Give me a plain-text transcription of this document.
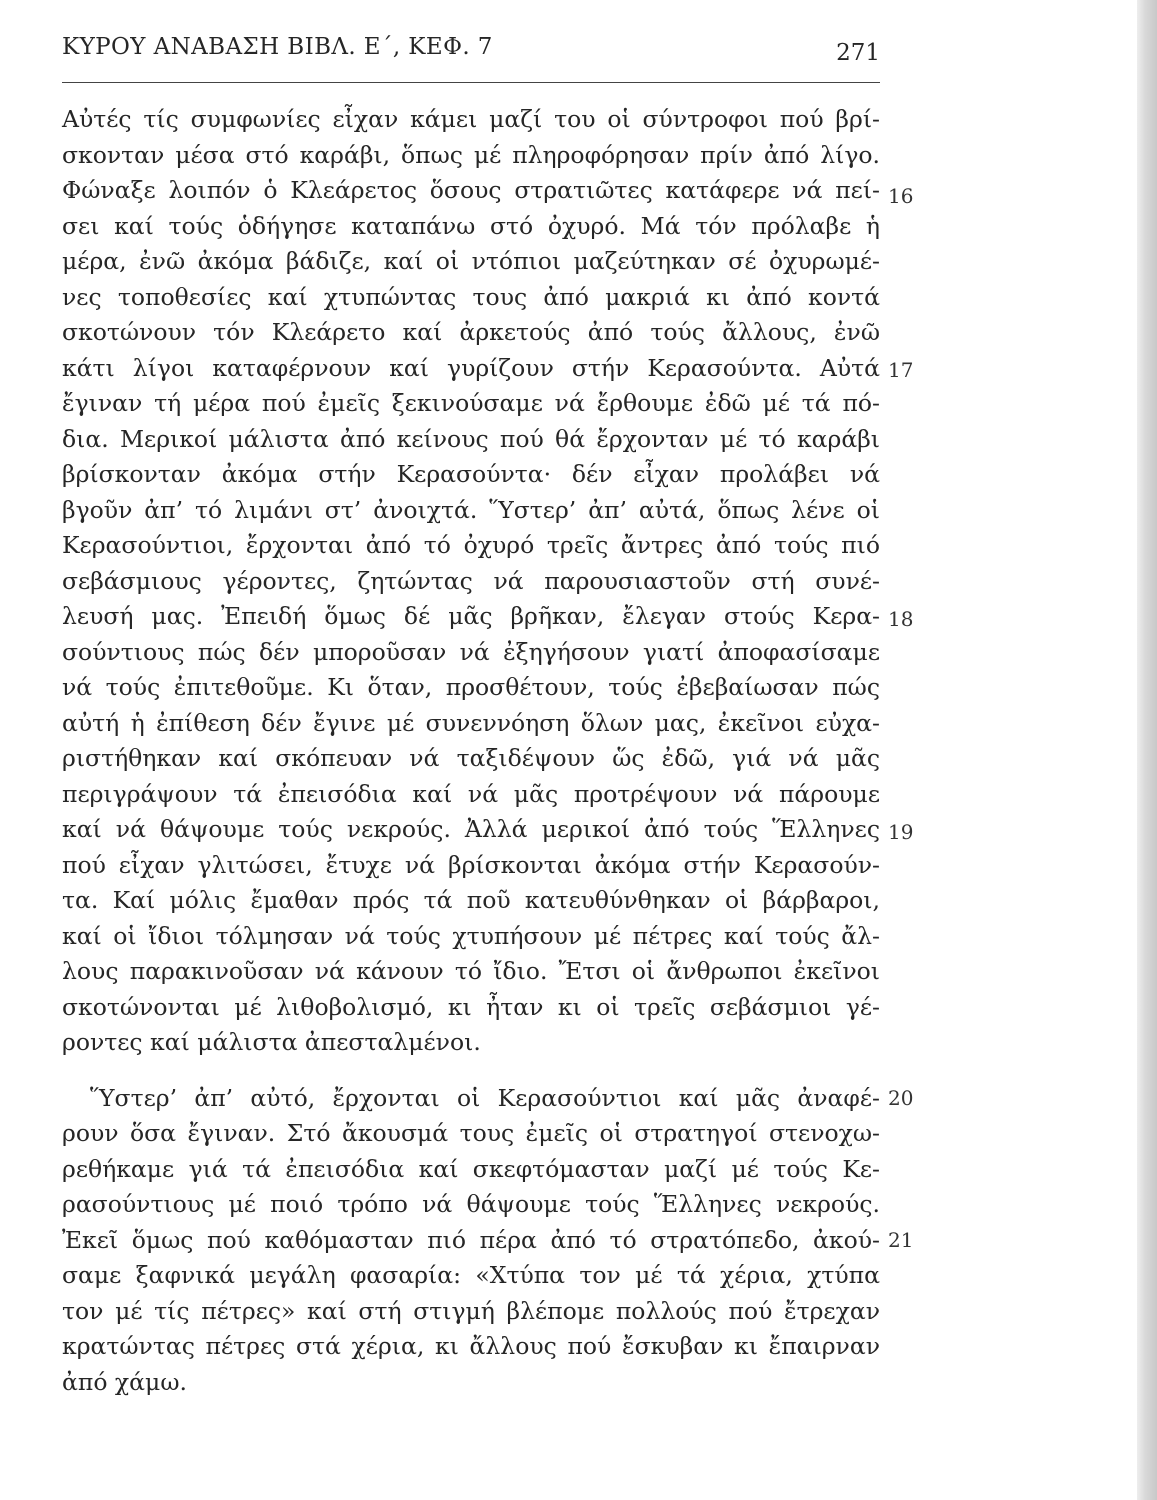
ΚΥΡΟΥ ΑΝΑΒΑΣΗ ΒΙΒΛ. Ε΄, ΚΕΦ. 7	271
Αὐτές τίς συμφωνίες εἶχαν κάμει μαζί του οἱ σύντροφοι πού βρί-
σκονταν μέσα στό καράβι, ὅπως μέ πληροφόρησαν πρίν ἀπό λίγο.
Φώναξε λοιπόν ὁ Κλεάρετος ὅσους στρατιῶτες κατάφερε νά πεί-
σει καί τούς ὁδήγησε καταπάνω στό ὀχυρό. Μά τόν πρόλαβε ἡ
μέρα, ἐνῶ ἀκόμα βάδιζε, καί οἱ ντόπιοι μαζεύτηκαν σέ ὀχυρωμέ-
νες τοποθεσίες καί χτυπώντας τους ἀπό μακριά κι ἀπό κοντά
σκοτώνουν τόν Κλεάρετο καί ἀρκετούς ἀπό τούς ἄλλους, ἐνῶ
κάτι λίγοι καταφέρνουν καί γυρίζουν στήν Κερασούντα. Αὐτά
ἔγιναν τή μέρα πού ἐμεῖς ξεκινούσαμε νά ἔρθουμε ἐδῶ μέ τά πό-
δια. Μερικοί μάλιστα ἀπό κείνους πού θά ἔρχονταν μέ τό καράβι
βρίσκονταν ἀκόμα στήν Κερασούντα· δέν εἶχαν προλάβει νά
βγοῦν ἀπ’ τό λιμάνι στ’ ἀνοιχτά. Ὕστερ’ ἀπ’ αὐτά, ὅπως λένε οἱ
Κερασούντιοι, ἔρχονται ἀπό τό ὀχυρό τρεῖς ἄντρες ἀπό τούς πιό
σεβάσμιους γέροντες, ζητώντας νά παρουσιαστοῦν στή συνέ-
λευσή μας. Ἐπειδή ὅμως δέ μᾶς βρῆκαν, ἔλεγαν στούς Κερα-
σούντιους πώς δέν μποροῦσαν νά ἐξηγήσουν γιατί ἀποφασίσαμε
νά τούς ἐπιτεθοῦμε. Κι ὅταν, προσθέτουν, τούς ἐβεβαίωσαν πώς
αὐτή ἡ ἐπίθεση δέν ἔγινε μέ συνεννόηση ὅλων μας, ἐκεῖνοι εὐχα-
ριστήθηκαν καί σκόπευαν νά ταξιδέψουν ὥς ἐδῶ, γιά νά μᾶς
περιγράψουν τά ἐπεισόδια καί νά μᾶς προτρέψουν νά πάρουμε
καί νά θάψουμε τούς νεκρούς. Ἀλλά μερικοί ἀπό τούς Ἕλληνες
πού εἶχαν γλιτώσει, ἔτυχε νά βρίσκονται ἀκόμα στήν Κερασούν-
τα. Καί μόλις ἔμαθαν πρός τά ποῦ κατευθύνθηκαν οἱ βάρβαροι,
καί οἱ ἴδιοι τόλμησαν νά τούς χτυπήσουν μέ πέτρες καί τούς ἄλ-
λους παρακινοῦσαν νά κάνουν τό ἴδιο. Ἔτσι οἱ ἄνθρωποι ἐκεῖνοι
σκοτώνονται μέ λιθοβολισμό, κι ἦταν κι οἱ τρεῖς σεβάσμιοι γέ-
ροντες καί μάλιστα ἀπεσταλμένοι.
Ὕστερ’ ἀπ’ αὐτό, ἔρχονται οἱ Κερασούντιοι καί μᾶς ἀναφέ-
ρουν ὅσα ἔγιναν. Στό ἄκουσμά τους ἐμεῖς οἱ στρατηγοί στενοχω-
ρεθήκαμε γιά τά ἐπεισόδια καί σκεφτόμασταν μαζί μέ τούς Κε-
ρασούντιους μέ ποιό τρόπο νά θάψουμε τούς Ἕλληνες νεκρούς.
Ἐκεῖ ὅμως πού καθόμασταν πιό πέρα ἀπό τό στρατόπεδο, ἀκού-
σαμε ξαφνικά μεγάλη φασαρία: «Χτύπα τον μέ τά χέρια, χτύπα
τον μέ τίς πέτρες» καί στή στιγμή βλέπομε πολλούς πού ἔτρεχαν
κρατώντας πέτρες στά χέρια, κι ἄλλους πού ἔσκυβαν κι ἔπαιρναν
ἀπό χάμω.
16
17
18
19
20
21
